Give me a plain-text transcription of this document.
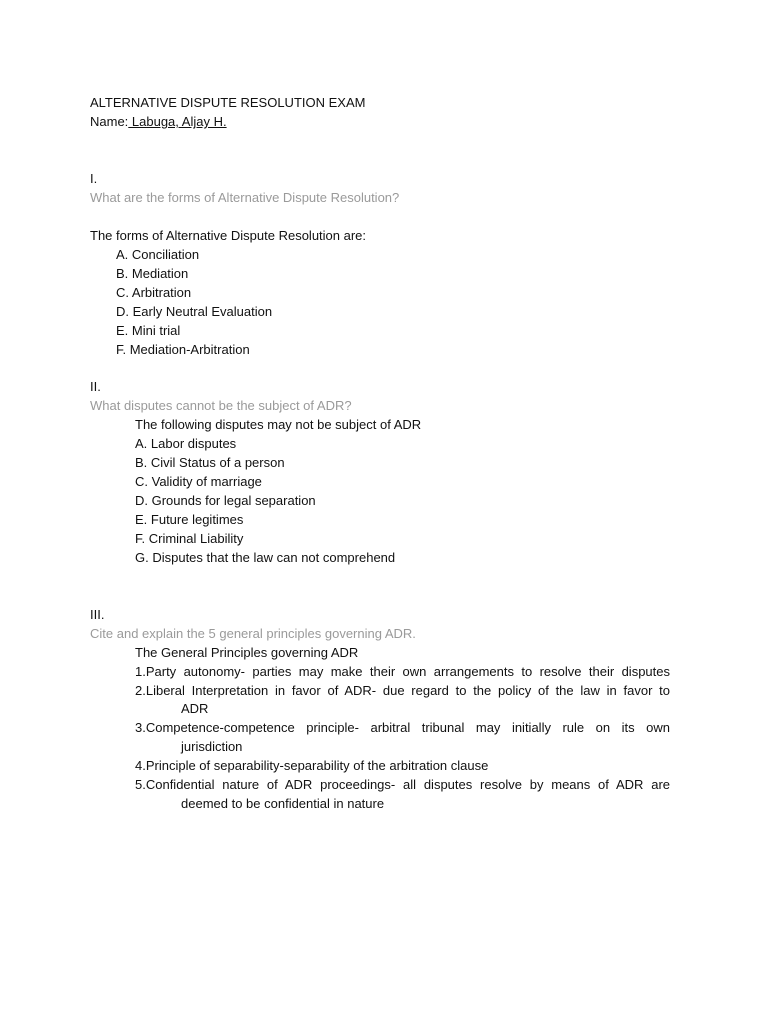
ALTERNATIVE DISPUTE RESOLUTION EXAM
Name: Labuga, Aljay H.
I.
What are the forms of Alternative Dispute Resolution?
The forms of Alternative Dispute Resolution are:
A. Conciliation
B. Mediation
C. Arbitration
D. Early Neutral Evaluation
E. Mini trial
F. Mediation-Arbitration
II.
What disputes cannot be the subject of ADR?
The following disputes may not be subject of ADR
A. Labor disputes
B. Civil Status of a person
C. Validity of marriage
D. Grounds for legal separation
E. Future legitimes
F. Criminal Liability
G. Disputes that the law can not comprehend
III.
Cite and explain the 5 general principles governing ADR.
The General Principles governing ADR
1.Party autonomy- parties may make their own arrangements to resolve their disputes
2.Liberal Interpretation in favor of ADR- due regard to the policy of the law in favor to
ADR
3.Competence-competence principle- arbitral tribunal may initially rule on its own
jurisdiction
4.Principle of separability-separability of the arbitration clause
5.Confidential nature of ADR proceedings- all disputes resolve by means of ADR are
deemed to be confidential in nature
